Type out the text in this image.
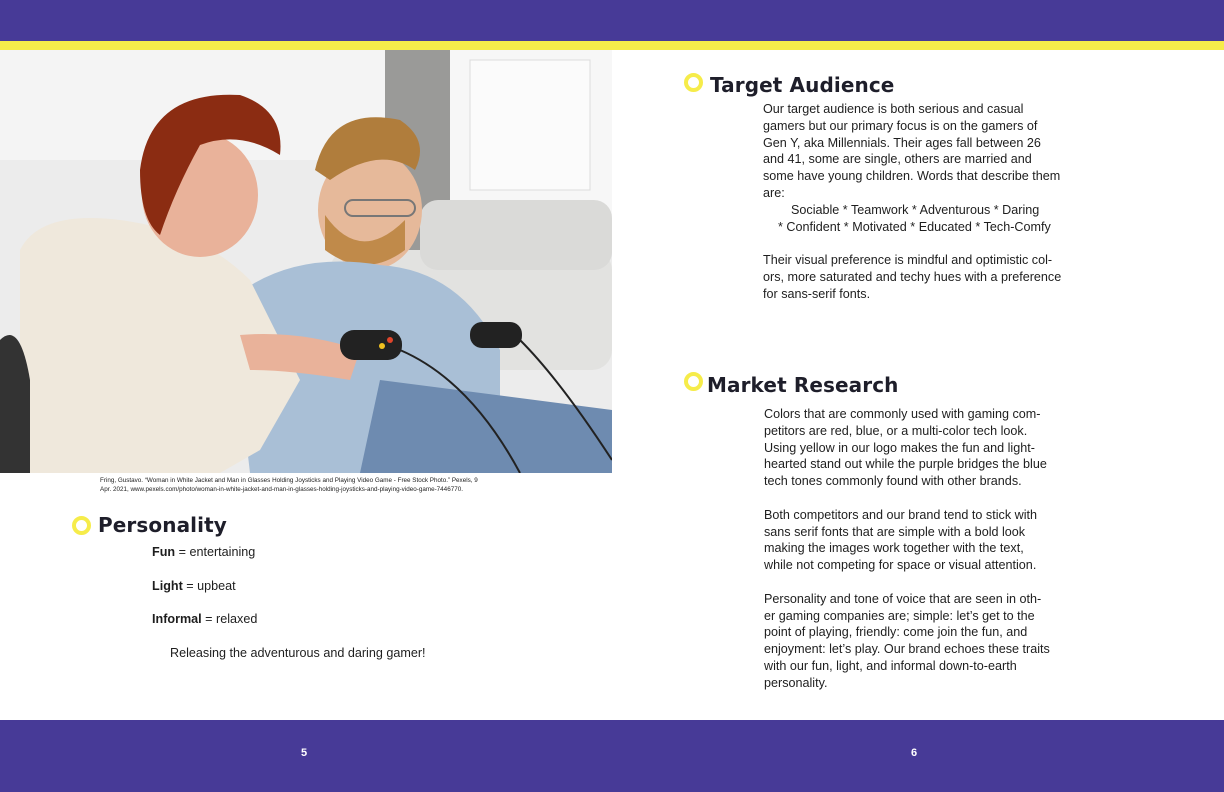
Fring, Gustavo. “Woman in White Jacket and Man in Glasses Holding Joysticks and Playing Video Game - Free Stock Photo.” Pexels, 9
Apr. 2021, www.pexels.com/photo/woman-in-white-jacket-and-man-in-glasses-holding-joysticks-and-playing-video-game-7446770.
Personality
Fun = entertaining
Light = upbeat
Informal = relaxed
Releasing the adventurous and daring gamer!
Target Audience

Our target audience is both serious and casual

gamers but our primary focus is on the gamers of

Gen Y, aka Millennials. Their ages fall between 26

and 41, some are single, others are married and

some have young children. Words that describe them

are:

Sociable * Teamwork * Adventurous * Daring

* Confident * Motivated * Educated * Tech-Comfy

Their visual preference is mindful and optimistic col-

ors, more saturated and techy hues with a preference

for sans-serif fonts.

Market Research

Colors that are commonly used with gaming com-

petitors are red, blue, or a multi-color tech look.

Using yellow in our logo makes the fun and light-

hearted stand out while the purple bridges the blue

tech tones commonly found with other brands.

Both competitors and our brand tend to stick with

sans serif fonts that are simple with a bold look

making the images work together with the text,

while not competing for space or visual attention.

Personality and tone of voice that are seen in oth-

er gaming companies are; simple: let’s get to the

point of playing, friendly: come join the fun, and

enjoyment: let’s play. Our brand echoes these traits

with our fun, light, and informal down-to-earth

personality.

5	6
